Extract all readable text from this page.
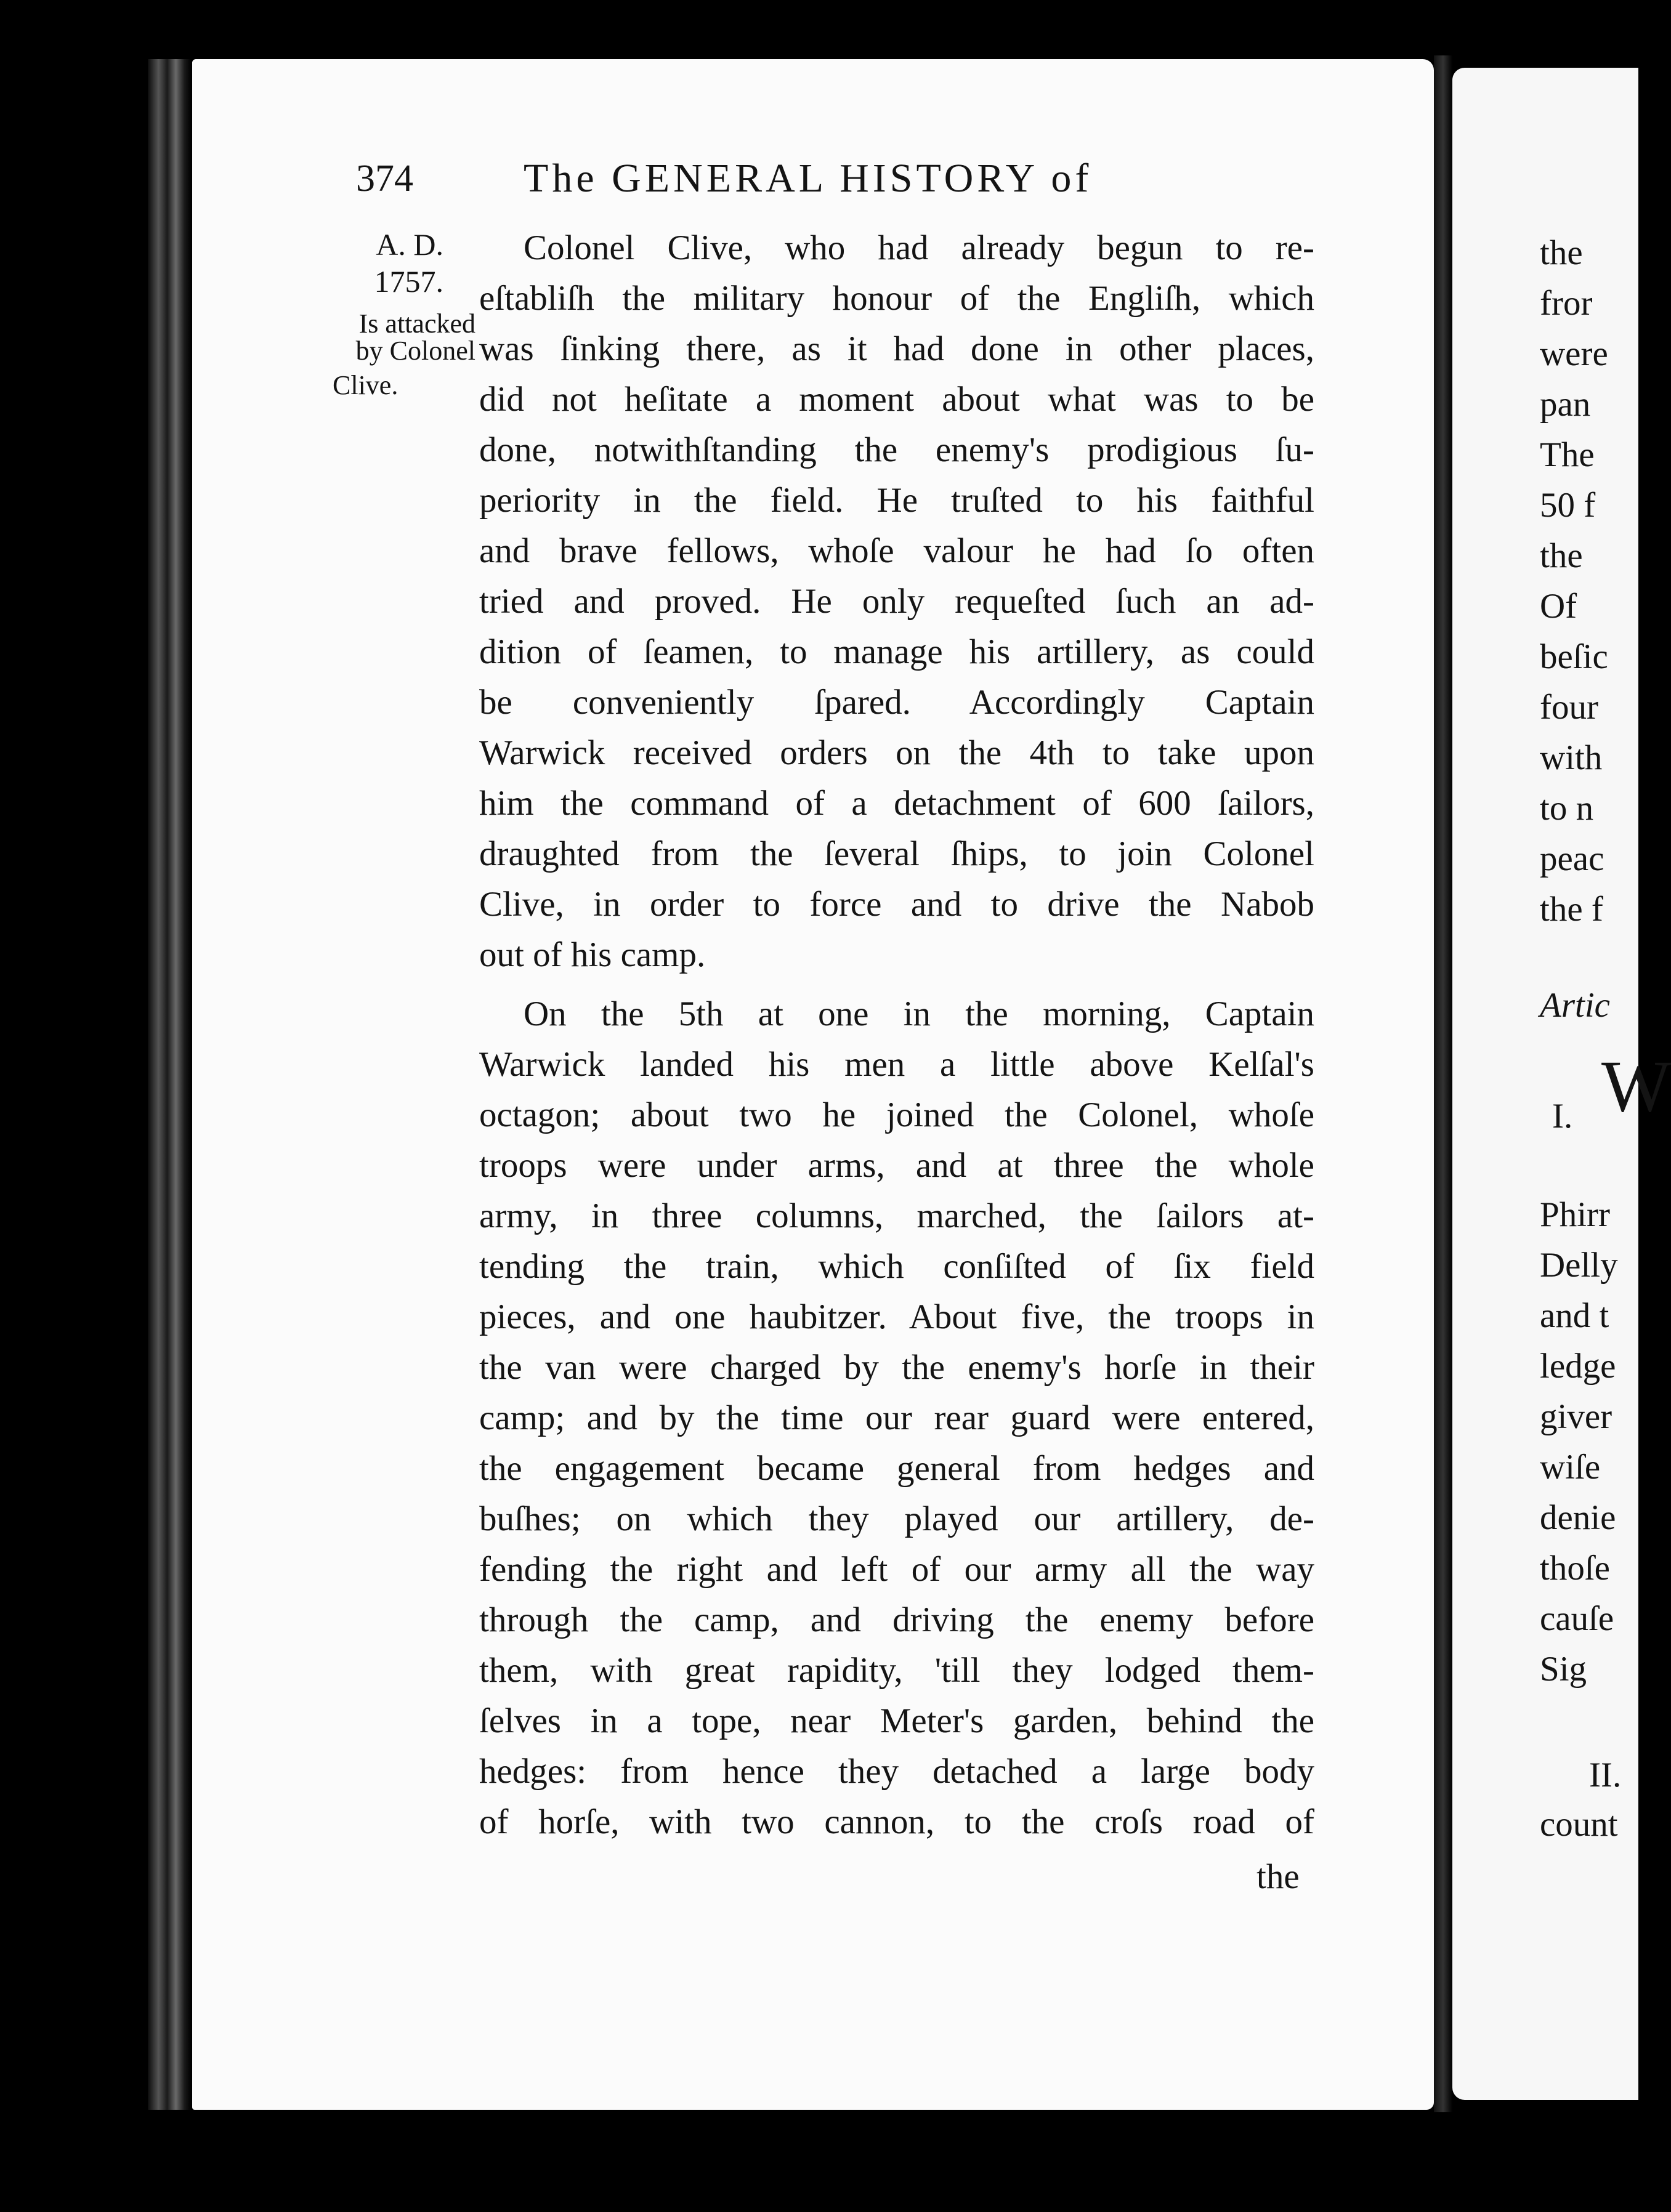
374	The GENERAL HISTORY of
A. D.
1757.
Is attacked
by Colonel
Clive.
Colonel Clive, who had already begun to re-
eſtabliſh the military honour of the Engliſh, which
was ſinking there, as it had done in other places,
did not heſitate a moment about what was to be
done, notwithſtanding the enemy's prodigious ſu-
periority in the field. He truſted to his faithful
and brave fellows, whoſe valour he had ſo often
tried and proved. He only requeſted ſuch an ad-
dition of ſeamen, to manage his artillery, as could
be conveniently ſpared. Accordingly Captain
Warwick received orders on the 4th to take upon
him the command of a detachment of 600 ſailors,
draughted from the ſeveral ſhips, to join Colonel
Clive, in order to force and to drive the Nabob
out of his camp.
On the 5th at one in the morning, Captain
Warwick landed his men a little above Kelſal's
octagon; about two he joined the Colonel, whoſe
troops were under arms, and at three the whole
army, in three columns, marched, the ſailors at-
tending the train, which conſiſted of ſix field
pieces, and one haubitzer. About five, the troops in
the van were charged by the enemy's horſe in their
camp; and by the time our rear guard were entered,
the engagement became general from hedges and
buſhes; on which they played our artillery, de-
fending the right and left of our army all the way
through the camp, and driving the enemy before
them, with great rapidity, 'till they lodged them-
ſelves in a tope, near Meter's garden, behind the
hedges: from hence they detached a large body
of horſe, with two cannon, to the croſs road of
the
the
fror
were
pan
The
50 f
the
Of
beſic
four
with
to n
peac
the f
Artic
I. W
Phirr
Delly
and t
ledge
giver
wiſe
denie
thoſe
cauſe
Sig
II.
count
